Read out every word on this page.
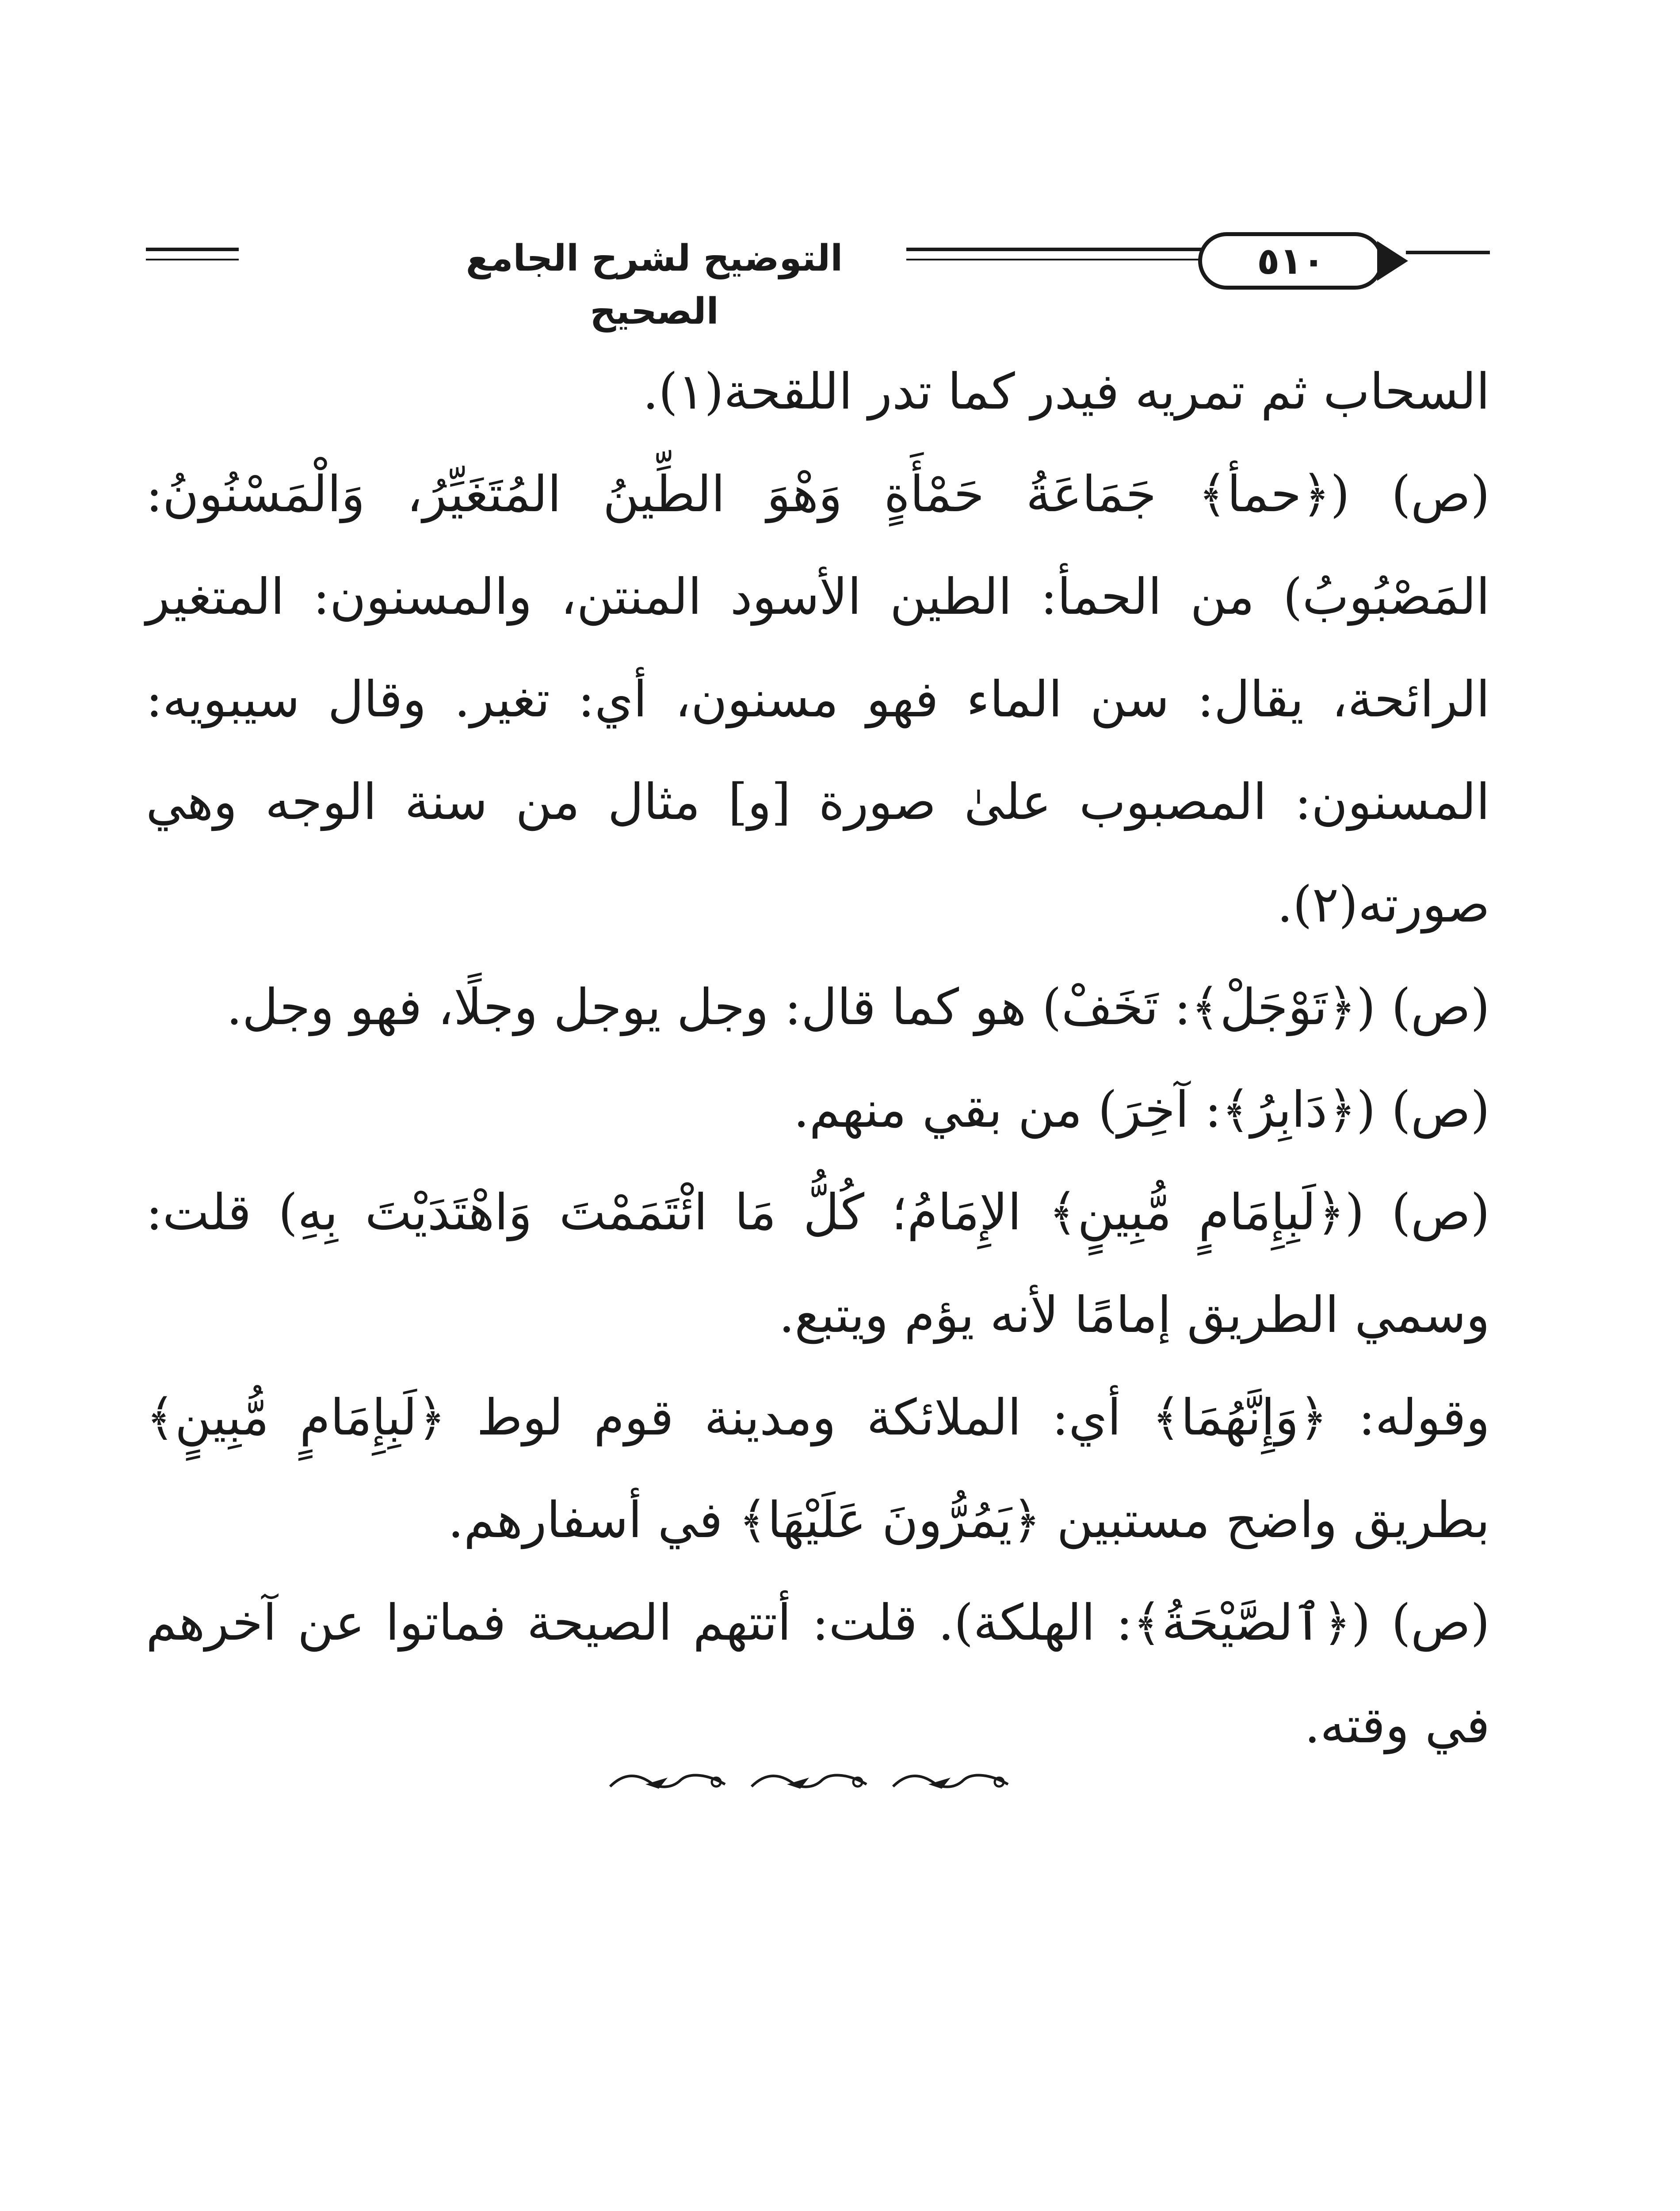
التوضيح لشرح الجامع الصحيح
٥١٠

السحاب ثم تمريه فيدر كما تدر اللقحة(١).

(ص) (﴿حمأ﴾ جَمَاعَةُ حَمْأَةٍ وَهْوَ الطِّينُ المُتَغَيِّرُ، وَالْمَسْنُونُ: المَصْبُوبُ) من الحمأ: الطين الأسود المنتن، والمسنون: المتغير الرائحة، يقال: سن الماء فهو مسنون، أي: تغير. وقال سيبويه: المسنون: المصبوب علىٰ صورة [و] مثال من سنة الوجه وهي صورته(٢).

(ص) (﴿تَوْجَلْ﴾: تَخَفْ) هو كما قال: وجل يوجل وجلًا، فهو وجل.

(ص) (﴿دَابِرُ﴾: آخِرَ) من بقي منهم.

(ص) (﴿لَبِإِمَامٍ مُّبِينٍ﴾ الإِمَامُ؛ كُلُّ مَا ائْتَمَمْتَ وَاهْتَدَيْتَ بِهِ) قلت: وسمي الطريق إمامًا لأنه يؤم ويتبع.

وقوله: ﴿وَإِنَّهُمَا﴾ أي: الملائكة ومدينة قوم لوط ﴿لَبِإِمَامٍ مُّبِينٍ﴾ بطريق واضح مستبين ﴿يَمُرُّونَ عَلَيْهَا﴾ في أسفارهم.

(ص) (﴿ٱلصَّيْحَةُ﴾: الهلكة). قلت: أتتهم الصيحة فماتوا عن آخرهم في وقته.
